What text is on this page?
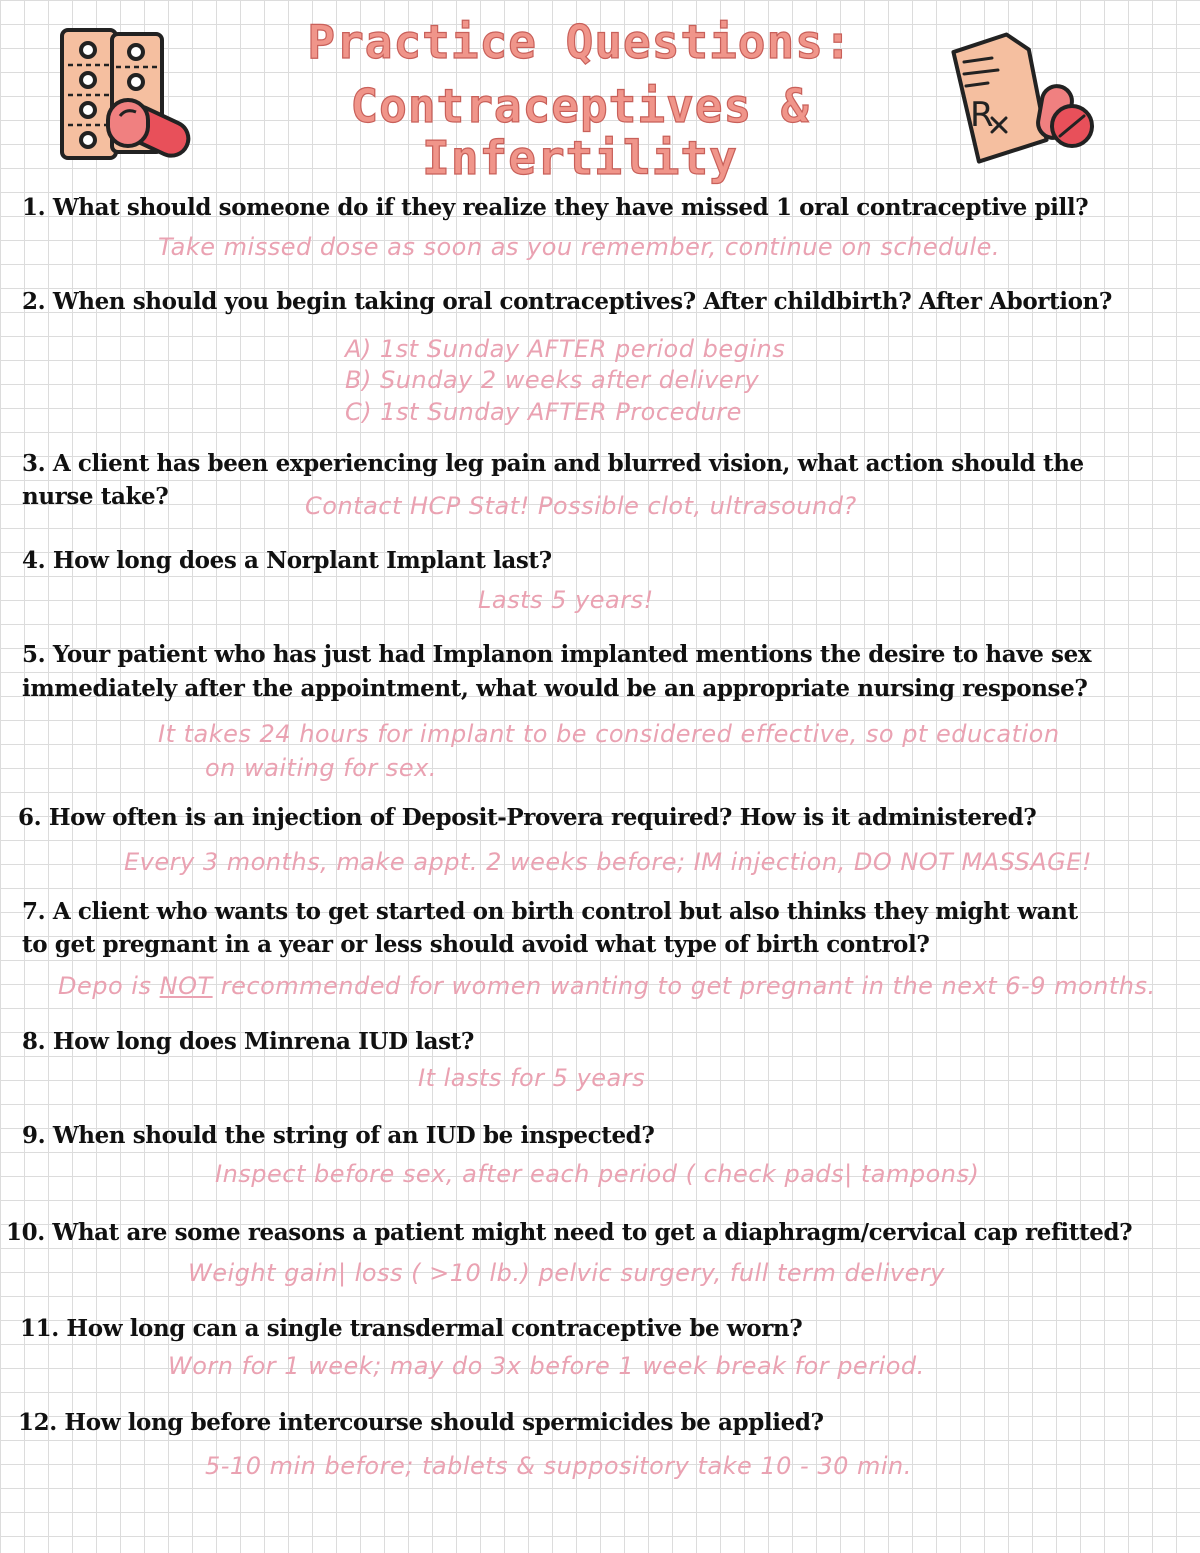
Practice Questions:
Contraceptives & Infertility
R
1. What should someone do if they realize they have missed 1 oral contraceptive pill?
Take missed dose as soon as you remember, continue on schedule.
2. When should you begin taking oral contraceptives? After childbirth? After Abortion?
A) 1st Sunday AFTER period begins
B) Sunday 2 weeks after delivery
C) 1st Sunday AFTER Procedure
3. A client has been experiencing leg pain and blurred vision, what action should the
nurse take?	Contact HCP Stat! Possible clot, ultrasound?
4. How long does a Norplant Implant last?
Lasts 5 years!
5. Your patient who has just had Implanon implanted mentions the desire to have sex
immediately after the appointment, what would be an appropriate nursing response?
It takes 24 hours for implant to be considered effective, so pt education
on waiting for sex.
6. How often is an injection of Deposit-Provera required? How is it administered?
Every 3 months, make appt. 2 weeks before; IM injection, DO NOT MASSAGE!
7. A client who wants to get started on birth control but also thinks they might want
to get pregnant in a year or less should avoid what type of birth control?
Depo is NOT recommended for women wanting to get pregnant in the next 6-9 months.
8. How long does Minrena IUD last?
It lasts for 5 years
9. When should the string of an IUD be inspected?
Inspect before sex, after each period ( check pads| tampons)
10. What are some reasons a patient might need to get a diaphragm/cervical cap refitted?
Weight gain| loss ( >10 lb.) pelvic surgery, full term delivery
11. How long can a single transdermal contraceptive be worn?
Worn for 1 week; may do 3x before 1 week break for period.
12. How long before intercourse should spermicides be applied?
5-10 min before; tablets & suppository take 10 - 30 min.
